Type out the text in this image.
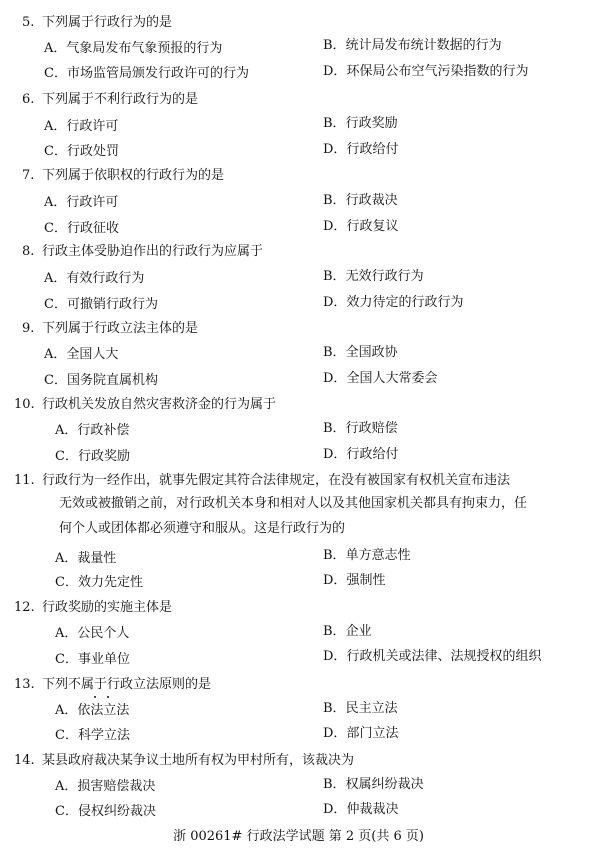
5. 下列属于行政行为的是
A．气象局发布气象预报的行为	B．统计局发布统计数据的行为
C．市场监管局颁发行政许可的行为	D．环保局公布空气污染指数的行为
6. 下列属于不利行政行为的是
A．行政许可	B．行政奖励
C．行政处罚	D．行政给付
7. 下列属于依职权的行政行为的是
A．行政许可	B．行政裁决
C．行政征收	D．行政复议
8. 行政主体受胁迫作出的行政行为应属于
A．有效行政行为	B．无效行政行为
C．可撤销行政行为	D．效力待定的行政行为
9. 下列属于行政立法主体的是
A．全国人大	B．全国政协
C．国务院直属机构	D．全国人大常委会
10. 行政机关发放自然灾害救济金的行为属于
A．行政补偿	B．行政赔偿
C．行政奖励	D．行政给付
11. 行政行为一经作出，就事先假定其符合法律规定，在没有被国家有权机关宣布违法
无效或被撤销之前，对行政机关本身和相对人以及其他国家机关都具有拘束力，任
何个人或团体都必须遵守和服从。这是行政行为的
A．裁量性	B．单方意志性
C．效力先定性	D．强制性
12. 行政奖励的实施主体是
A．公民个人	B．企业
C．事业单位	D．行政机关或法律、法规授权的组织
13. 下列不属于行政立法原则的是
A．依法立法	B．民主立法
C．科学立法	D．部门立法
14. 某县政府裁决某争议土地所有权为甲村所有，该裁决为
A．损害赔偿裁决	B．权属纠纷裁决
C．侵权纠纷裁决	D．仲裁裁决
浙 00261# 行政法学试题 第 2 页(共 6 页)
